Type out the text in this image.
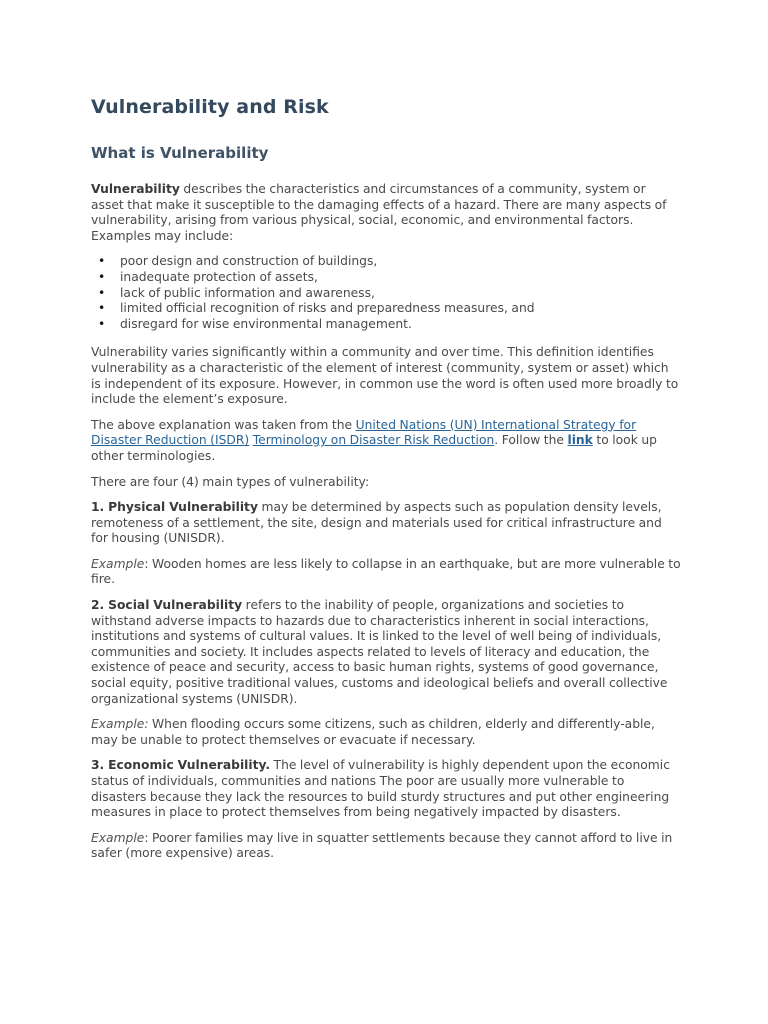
Vulnerability and Risk
What is Vulnerability

Vulnerability describes the characteristics and circumstances of a community, system or asset that make it susceptible to the damaging effects of a hazard. There are many aspects of vulnerability, arising from various physical, social, economic, and environmental factors. Examples may include:

• poor design and construction of buildings,
• inadequate protection of assets,
• lack of public information and awareness,
• limited official recognition of risks and preparedness measures, and
• disregard for wise environmental management.

Vulnerability varies significantly within a community and over time. This definition identifies vulnerability as a characteristic of the element of interest (community, system or asset) which is independent of its exposure. However, in common use the word is often used more broadly to include the element’s exposure.

The above explanation was taken from the United Nations (UN) International Strategy for Disaster Reduction (ISDR) Terminology on Disaster Risk Reduction. Follow the link to look up other terminologies.

There are four (4) main types of vulnerability:

1. Physical Vulnerability may be determined by aspects such as population density levels, remoteness of a settlement, the site, design and materials used for critical infrastructure and for housing (UNISDR).

Example: Wooden homes are less likely to collapse in an earthquake, but are more vulnerable to fire.

2. Social Vulnerability refers to the inability of people, organizations and societies to withstand adverse impacts to hazards due to characteristics inherent in social interactions, institutions and systems of cultural values. It is linked to the level of well being of individuals, communities and society. It includes aspects related to levels of literacy and education, the existence of peace and security, access to basic human rights, systems of good governance, social equity, positive traditional values, customs and ideological beliefs and overall collective organizational systems (UNISDR).

Example: When flooding occurs some citizens, such as children, elderly and differently-able, may be unable to protect themselves or evacuate if necessary.

3. Economic Vulnerability. The level of vulnerability is highly dependent upon the economic status of individuals, communities and nations The poor are usually more vulnerable to disasters because they lack the resources to build sturdy structures and put other engineering measures in place to protect themselves from being negatively impacted by disasters.

Example: Poorer families may live in squatter settlements because they cannot afford to live in safer (more expensive) areas.
